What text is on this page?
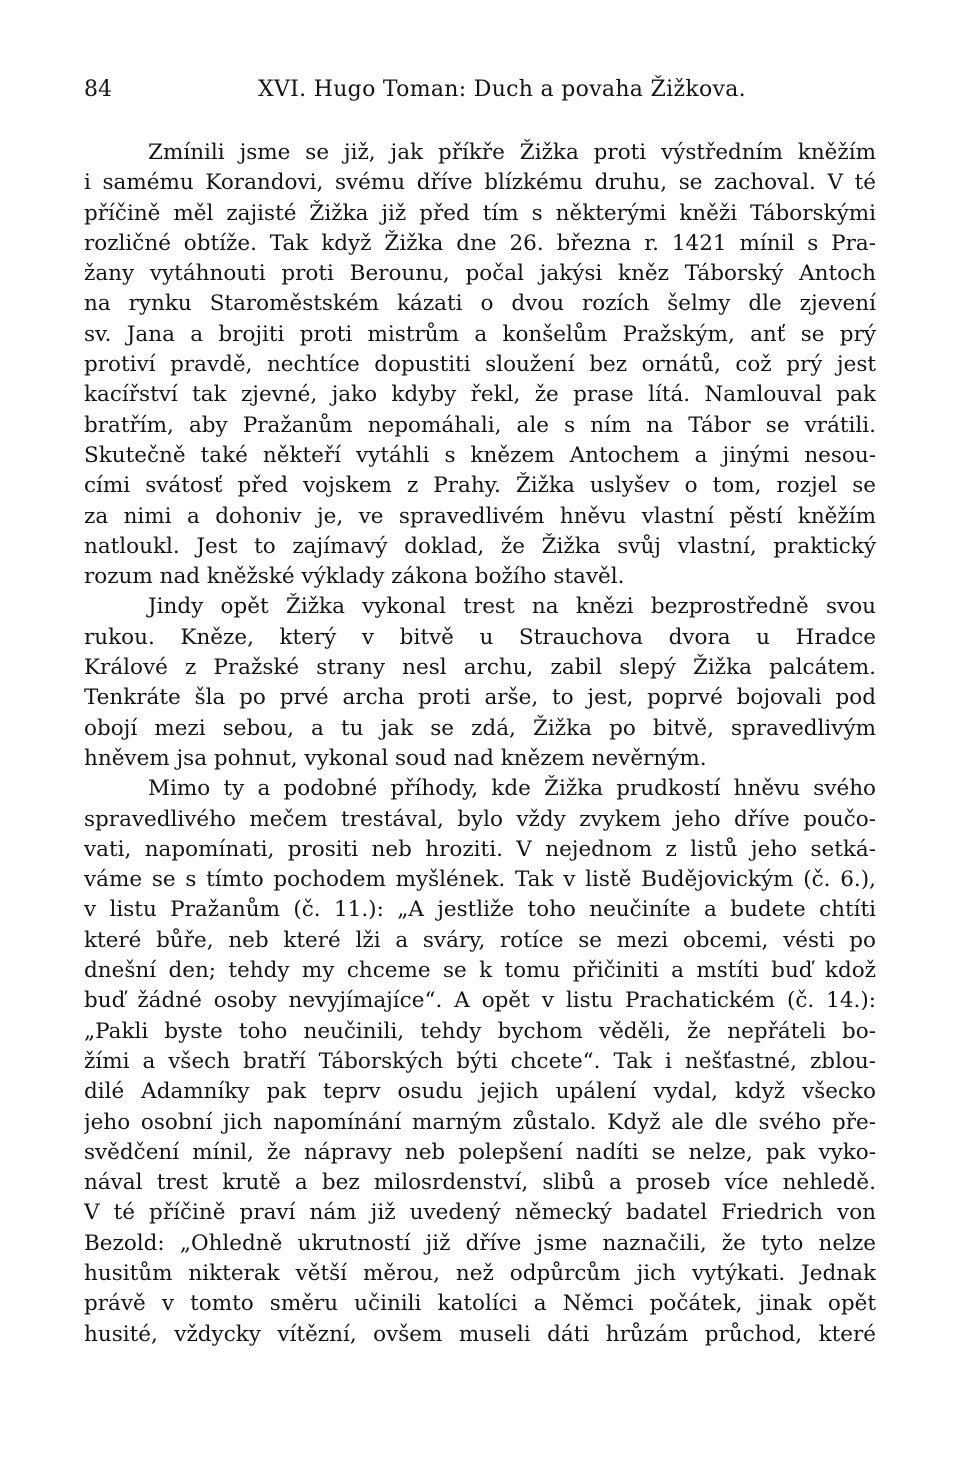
84	XVI. Hugo Toman: Duch a povaha Žižkova.
Zmínili jsme se již, jak příkře Žižka proti výstředním kněžím
i samému Korandovi, svému dříve blízkému druhu, se zachoval. V té
příčině měl zajisté Žižka již před tím s některými kněži Táborskými
rozličné obtíže. Tak když Žižka dne 26. března r. 1421 mínil s Pra-
žany vytáhnouti proti Berounu, počal jakýsi kněz Táborský Antoch
na rynku Staroměstském kázati o dvou rozích šelmy dle zjevení
sv. Jana a brojiti proti mistrům a konšelům Pražským, anť se prý
protiví pravdě, nechtíce dopustiti sloužení bez ornátů, což prý jest
kacířství tak zjevné, jako kdyby řekl, že prase lítá. Namlouval pak
bratřím, aby Pražanům nepomáhali, ale s ním na Tábor se vrátili.
Skutečně také někteří vytáhli s knězem Antochem a jinými nesou-
cími svátosť před vojskem z Prahy. Žižka uslyšev o tom, rozjel se
za nimi a dohoniv je, ve spravedlivém hněvu vlastní pěstí kněžím
natloukl. Jest to zajímavý doklad, že Žižka svůj vlastní, praktický
rozum nad kněžské výklady zákona božího stavěl.
Jindy opět Žižka vykonal trest na knězi bezprostředně svou
rukou. Kněze, který v bitvě u Strauchova dvora u Hradce
Králové z Pražské strany nesl archu, zabil slepý Žižka palcátem.
Tenkráte šla po prvé archa proti arše, to jest, poprvé bojovali pod
obojí mezi sebou, a tu jak se zdá, Žižka po bitvě, spravedlivým
hněvem jsa pohnut, vykonal soud nad knězem nevěrným.
Mimo ty a podobné příhody, kde Žižka prudkostí hněvu svého
spravedlivého mečem trestával, bylo vždy zvykem jeho dříve poučo-
vati, napomínati, prositi neb hroziti. V nejednom z listů jeho setká-
váme se s tímto pochodem myšlének. Tak v listě Budějovickým (č. 6.),
v listu Pražanům (č. 11.): „A jestliže toho neučiníte a budete chtíti
které bůře, neb které lži a sváry, rotíce se mezi obcemi, vésti po
dnešní den; tehdy my chceme se k tomu přičiniti a mstíti buď kdož
buď žádné osoby nevyjímajíce“. A opět v listu Prachatickém (č. 14.):
„Pakli byste toho neučinili, tehdy bychom věděli, že nepřáteli bo-
žími a všech bratří Táborských býti chcete“. Tak i nešťastné, zblou-
dilé Adamníky pak teprv osudu jejich upálení vydal, když všecko
jeho osobní jich napomínání marným zůstalo. Když ale dle svého pře-
svědčení mínil, že nápravy neb polepšení nadíti se nelze, pak vyko-
nával trest krutě a bez milosrdenství, slibů a proseb více nehledě.
V té příčině praví nám již uvedený německý badatel Friedrich von
Bezold: „Ohledně ukrutností již dříve jsme naznačili, že tyto nelze
husitům nikterak větší měrou, než odpůrcům jich vytýkati. Jednak
právě v tomto směru učinili katolíci a Němci počátek, jinak opět
husité, vždycky vítězní, ovšem museli dáti hrůzám průchod, které
